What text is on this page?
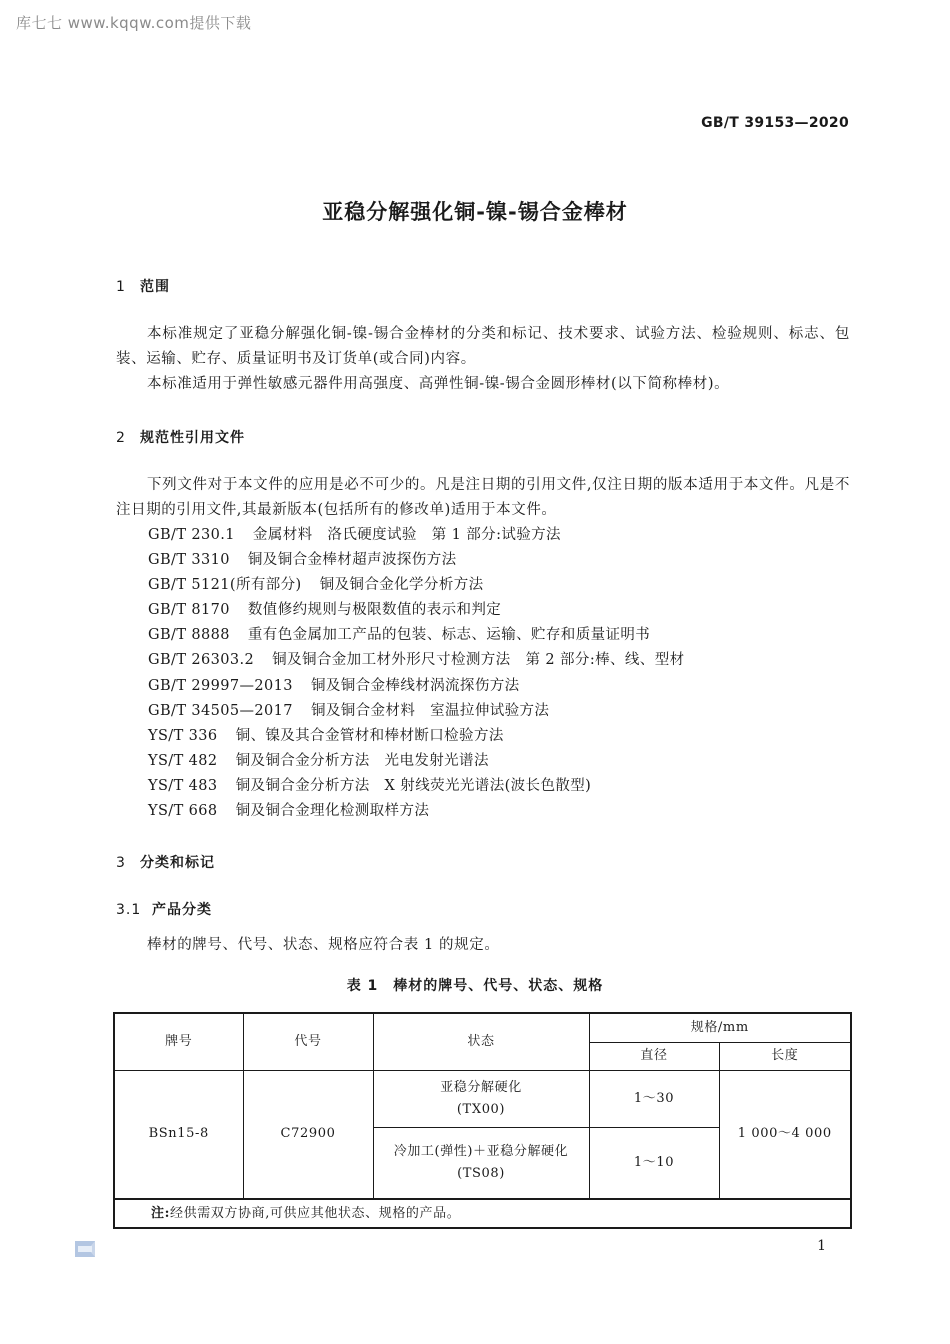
库七七 www.kqqw.com提供下载
GB/T 39153—2020
亚稳分解强化铜-镍-锡合金棒材
1 范围
本标准规定了亚稳分解强化铜-镍-锡合金棒材的分类和标记、技术要求、试验方法、检验规则、标志、包装、运输、贮存、质量证明书及订货单(或合同)内容。
本标准适用于弹性敏感元器件用高强度、高弹性铜-镍-锡合金圆形棒材(以下简称棒材)。
2 规范性引用文件
下列文件对于本文件的应用是必不可少的。凡是注日期的引用文件,仅注日期的版本适用于本文件。凡是不注日期的引用文件,其最新版本(包括所有的修改单)适用于本文件。
GB/T 230.1 金属材料　洛氏硬度试验　第 1 部分:试验方法
GB/T 3310 铜及铜合金棒材超声波探伤方法
GB/T 5121(所有部分) 铜及铜合金化学分析方法
GB/T 8170 数值修约规则与极限数值的表示和判定
GB/T 8888 重有色金属加工产品的包装、标志、运输、贮存和质量证明书
GB/T 26303.2 铜及铜合金加工材外形尺寸检测方法　第 2 部分:棒、线、型材
GB/T 29997—2013 铜及铜合金棒线材涡流探伤方法
GB/T 34505—2017 铜及铜合金材料　室温拉伸试验方法
YS/T 336 铜、镍及其合金管材和棒材断口检验方法
YS/T 482 铜及铜合金分析方法　光电发射光谱法
YS/T 483 铜及铜合金分析方法　X 射线荧光光谱法(波长色散型)
YS/T 668 铜及铜合金理化检测取样方法
3 分类和标记
3.1 产品分类
棒材的牌号、代号、状态、规格应符合表 1 的规定。
表 1　棒材的牌号、代号、状态、规格
牌号	代号	状态	规格/mm	
			直径	长度
BSn15-8	C72900	亚稳分解硬化
(TX00)	1～30	1 000～4 000

		冷加工(弹性)＋亚稳分解硬化
(TS08)	1～10	
注:经供需双方协商,可供应其他状态、规格的产品。				
1
